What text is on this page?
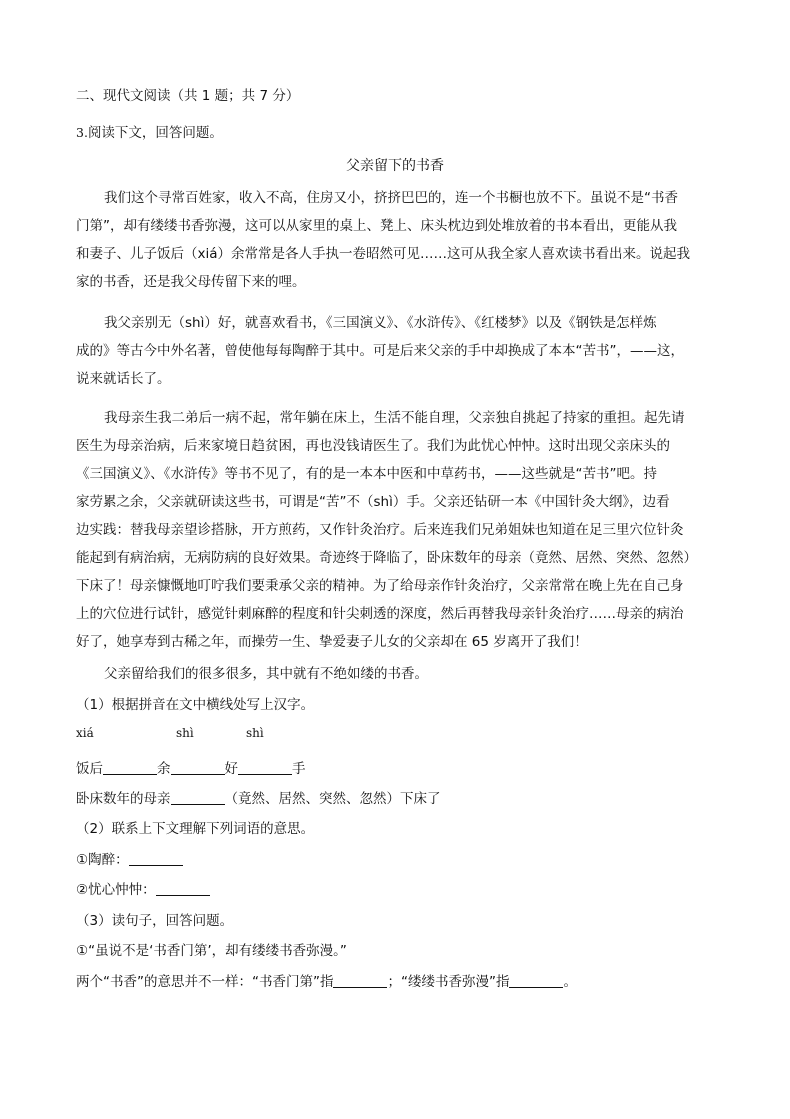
二、现代文阅读（共 1 题；共 7 分）
3.阅读下文，回答问题。
父亲留下的书香
我们这个寻常百姓家，收入不高，住房又小，挤挤巴巴的，连一个书橱也放不下。虽说不是“书香
门第”，却有缕缕书香弥漫，这可以从家里的桌上、凳上、床头枕边到处堆放着的书本看出，更能从我
和妻子、儿子饭后（xiá）余常常是各人手执一卷昭然可见……这可从我全家人喜欢读书看出来。说起我
家的书香，还是我父母传留下来的哩。
我父亲别无（shì）好，就喜欢看书，《三国演义》、《水浒传》、《红楼梦》以及《钢铁是怎样炼
成的》等古今中外名著，曾使他每每陶醉于其中。可是后来父亲的手中却换成了本本“苦书”，——这，
说来就话长了。
我母亲生我二弟后一病不起，常年躺在床上，生活不能自理，父亲独自挑起了持家的重担。起先请
医生为母亲治病，后来家境日趋贫困，再也没钱请医生了。我们为此忧心忡忡。这时出现父亲床头的
《三国演义》、《水浒传》等书不见了，有的是一本本中医和中草药书，——这些就是“苦书”吧。持
家劳累之余，父亲就研读这些书，可谓是“苦”不（shì）手。父亲还钻研一本《中国针灸大纲》，边看
边实践：替我母亲望诊搭脉，开方煎药，又作针灸治疗。后来连我们兄弟姐妹也知道在足三里穴位针灸
能起到有病治病，无病防病的良好效果。奇迹终于降临了，卧床数年的母亲（竟然、居然、突然、忽然）
下床了！母亲慷慨地叮咛我们要秉承父亲的精神。为了给母亲作针灸治疗，父亲常常在晚上先在自己身
上的穴位进行试针，感觉针刺麻醉的程度和针尖刺透的深度，然后再替我母亲针灸治疗……母亲的病治
好了，她享寿到古稀之年，而操劳一生、挚爱妻子儿女的父亲却在 65 岁离开了我们！
父亲留给我们的很多很多，其中就有不绝如缕的书香。
（1）根据拼音在文中横线处写上汉字。
xiá	shì	shì
饭后	余	好	手
卧床数年的母亲	（竟然、居然、突然、忽然）下床了
（2）联系上下文理解下列词语的意思。
①陶醉：
②忧心忡忡：
（3）读句子，回答问题。
①“虽说不是‘书香门第’，却有缕缕书香弥漫。”
两个“书香”的意思并不一样：“书香门第”指	；“缕缕书香弥漫”指	。
